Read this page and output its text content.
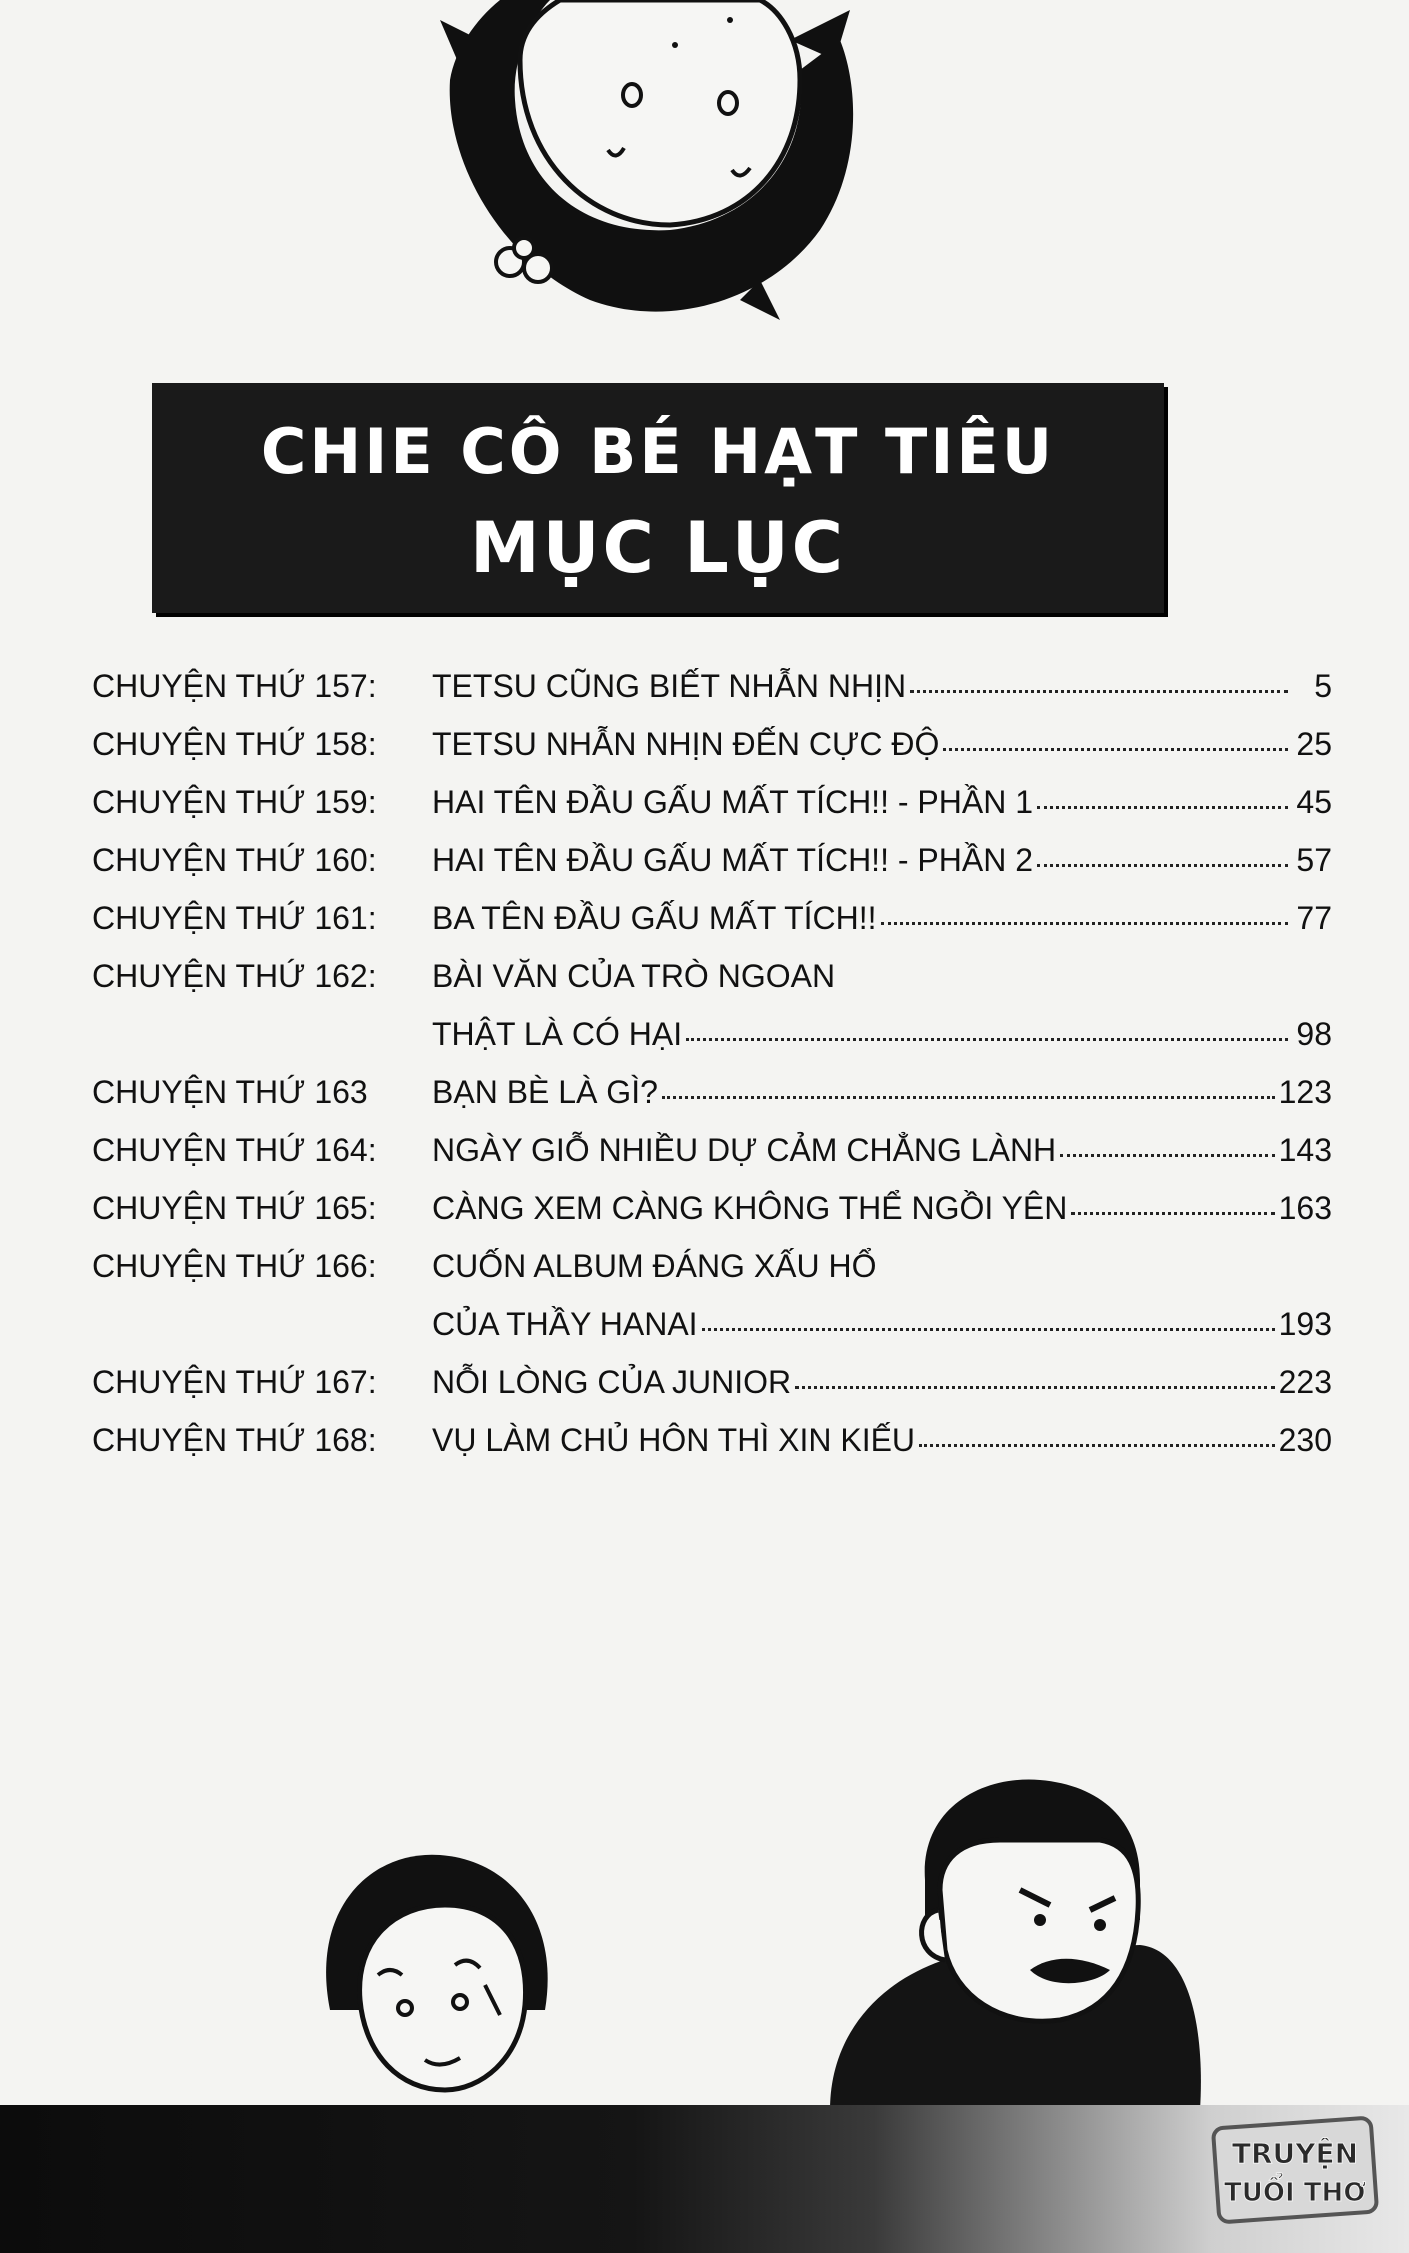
CHIE CÔ BÉ HẠT TIÊU
MỤC LỤC
CHUYỆN THỨ 157:	TETSU CŨNG BIẾT NHẪN NHỊN	5
CHUYỆN THỨ 158:	TETSU NHẪN NHỊN ĐẾN CỰC ĐỘ	25
CHUYỆN THỨ 159:	HAI TÊN ĐẦU GẤU MẤT TÍCH!! - PHẦN 1	45
CHUYỆN THỨ 160:	HAI TÊN ĐẦU GẤU MẤT TÍCH!! - PHẦN 2	57
CHUYỆN THỨ 161:	BA TÊN ĐẦU GẤU MẤT TÍCH!!	77
CHUYỆN THỨ 162:	BÀI VĂN CỦA TRÒ NGOAN
THẬT LÀ CÓ HẠI	98
CHUYỆN THỨ 163	BẠN BÈ LÀ GÌ?	123
CHUYỆN THỨ 164:	NGÀY GIỖ NHIỀU DỰ CẢM CHẲNG LÀNH	143
CHUYỆN THỨ 165:	CÀNG XEM CÀNG KHÔNG THỂ NGỒI YÊN	163
CHUYỆN THỨ 166:	CUỐN ALBUM ĐÁNG XẤU HỔ
CỦA THẦY HANAI	193
CHUYỆN THỨ 167:	NỖI LÒNG CỦA JUNIOR	223
CHUYỆN THỨ 168:	VỤ LÀM CHỦ HÔN THÌ XIN KIẾU	230
TRUYỆN
TUỔI THƠ
